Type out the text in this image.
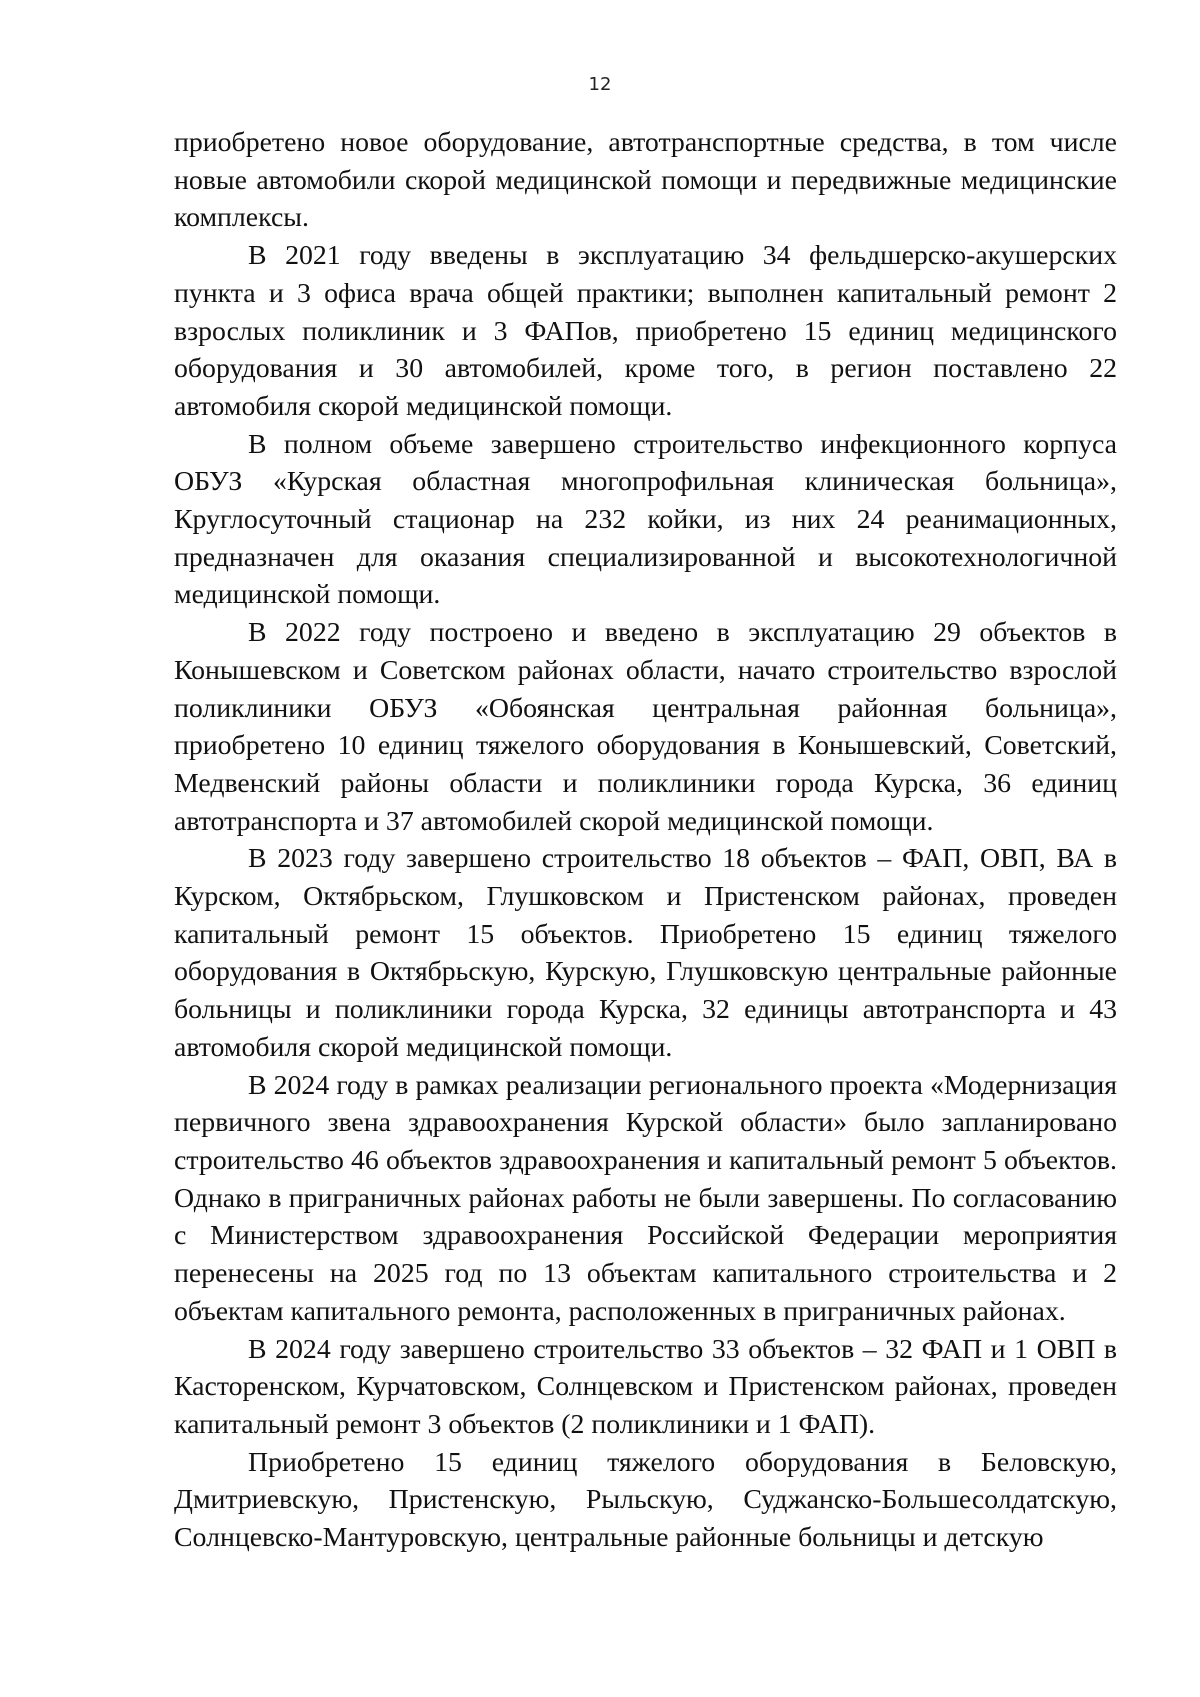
12

приобретено новое оборудование, автотранспортные средства, в том числе новые автомобили скорой медицинской помощи и передвижные медицинские комплексы.

В 2021 году введены в эксплуатацию 34 фельдшерско-акушерских пункта и 3 офиса врача общей практики; выполнен капитальный ремонт 2 взрослых поликлиник и 3 ФАПов, приобретено 15 единиц медицинского оборудования и 30 автомобилей, кроме того, в регион поставлено 22 автомобиля скорой медицинской помощи.

В полном объеме завершено строительство инфекционного корпуса ОБУЗ «Курская областная многопрофильная клиническая больница», Круглосуточный стационар на 232 койки, из них 24 реанимационных, предназначен для оказания специализированной и высокотехнологичной медицинской помощи.

В 2022 году построено и введено в эксплуатацию 29 объектов в Конышевском и Советском районах области, начато строительство взрослой поликлиники ОБУЗ «Обоянская центральная районная больница», приобретено 10 единиц тяжелого оборудования в Конышевский, Советский, Медвенский районы области и поликлиники города Курска, 36 единиц автотранспорта и 37 автомобилей скорой медицинской помощи.

В 2023 году завершено строительство 18 объектов – ФАП, ОВП, ВА в Курском, Октябрьском, Глушковском и Пристенском районах, проведен капитальный ремонт 15 объектов. Приобретено 15 единиц тяжелого оборудования в Октябрьскую, Курскую, Глушковскую центральные районные больницы и поликлиники города Курска, 32 единицы автотранспорта и 43 автомобиля скорой медицинской помощи.

В 2024 году в рамках реализации регионального проекта «Модернизация первичного звена здравоохранения Курской области» было запланировано строительство 46 объектов здравоохранения и капитальный ремонт 5 объектов. Однако в приграничных районах работы не были завершены. По согласованию с Министерством здравоохранения Российской Федерации мероприятия перенесены на 2025 год по 13 объектам капитального строительства и 2 объектам капитального ремонта, расположенных в приграничных районах.

В 2024 году завершено строительство 33 объектов – 32 ФАП и 1 ОВП в Касторенском, Курчатовском, Солнцевском и Пристенском районах, проведен капитальный ремонт 3 объектов (2 поликлиники и 1 ФАП).

Приобретено 15 единиц тяжелого оборудования в Беловскую, Дмитриевскую, Пристенскую, Рыльскую, Суджанско-Большесолдатскую, Солнцевско-Мантуровскую, центральные районные больницы и детскую
